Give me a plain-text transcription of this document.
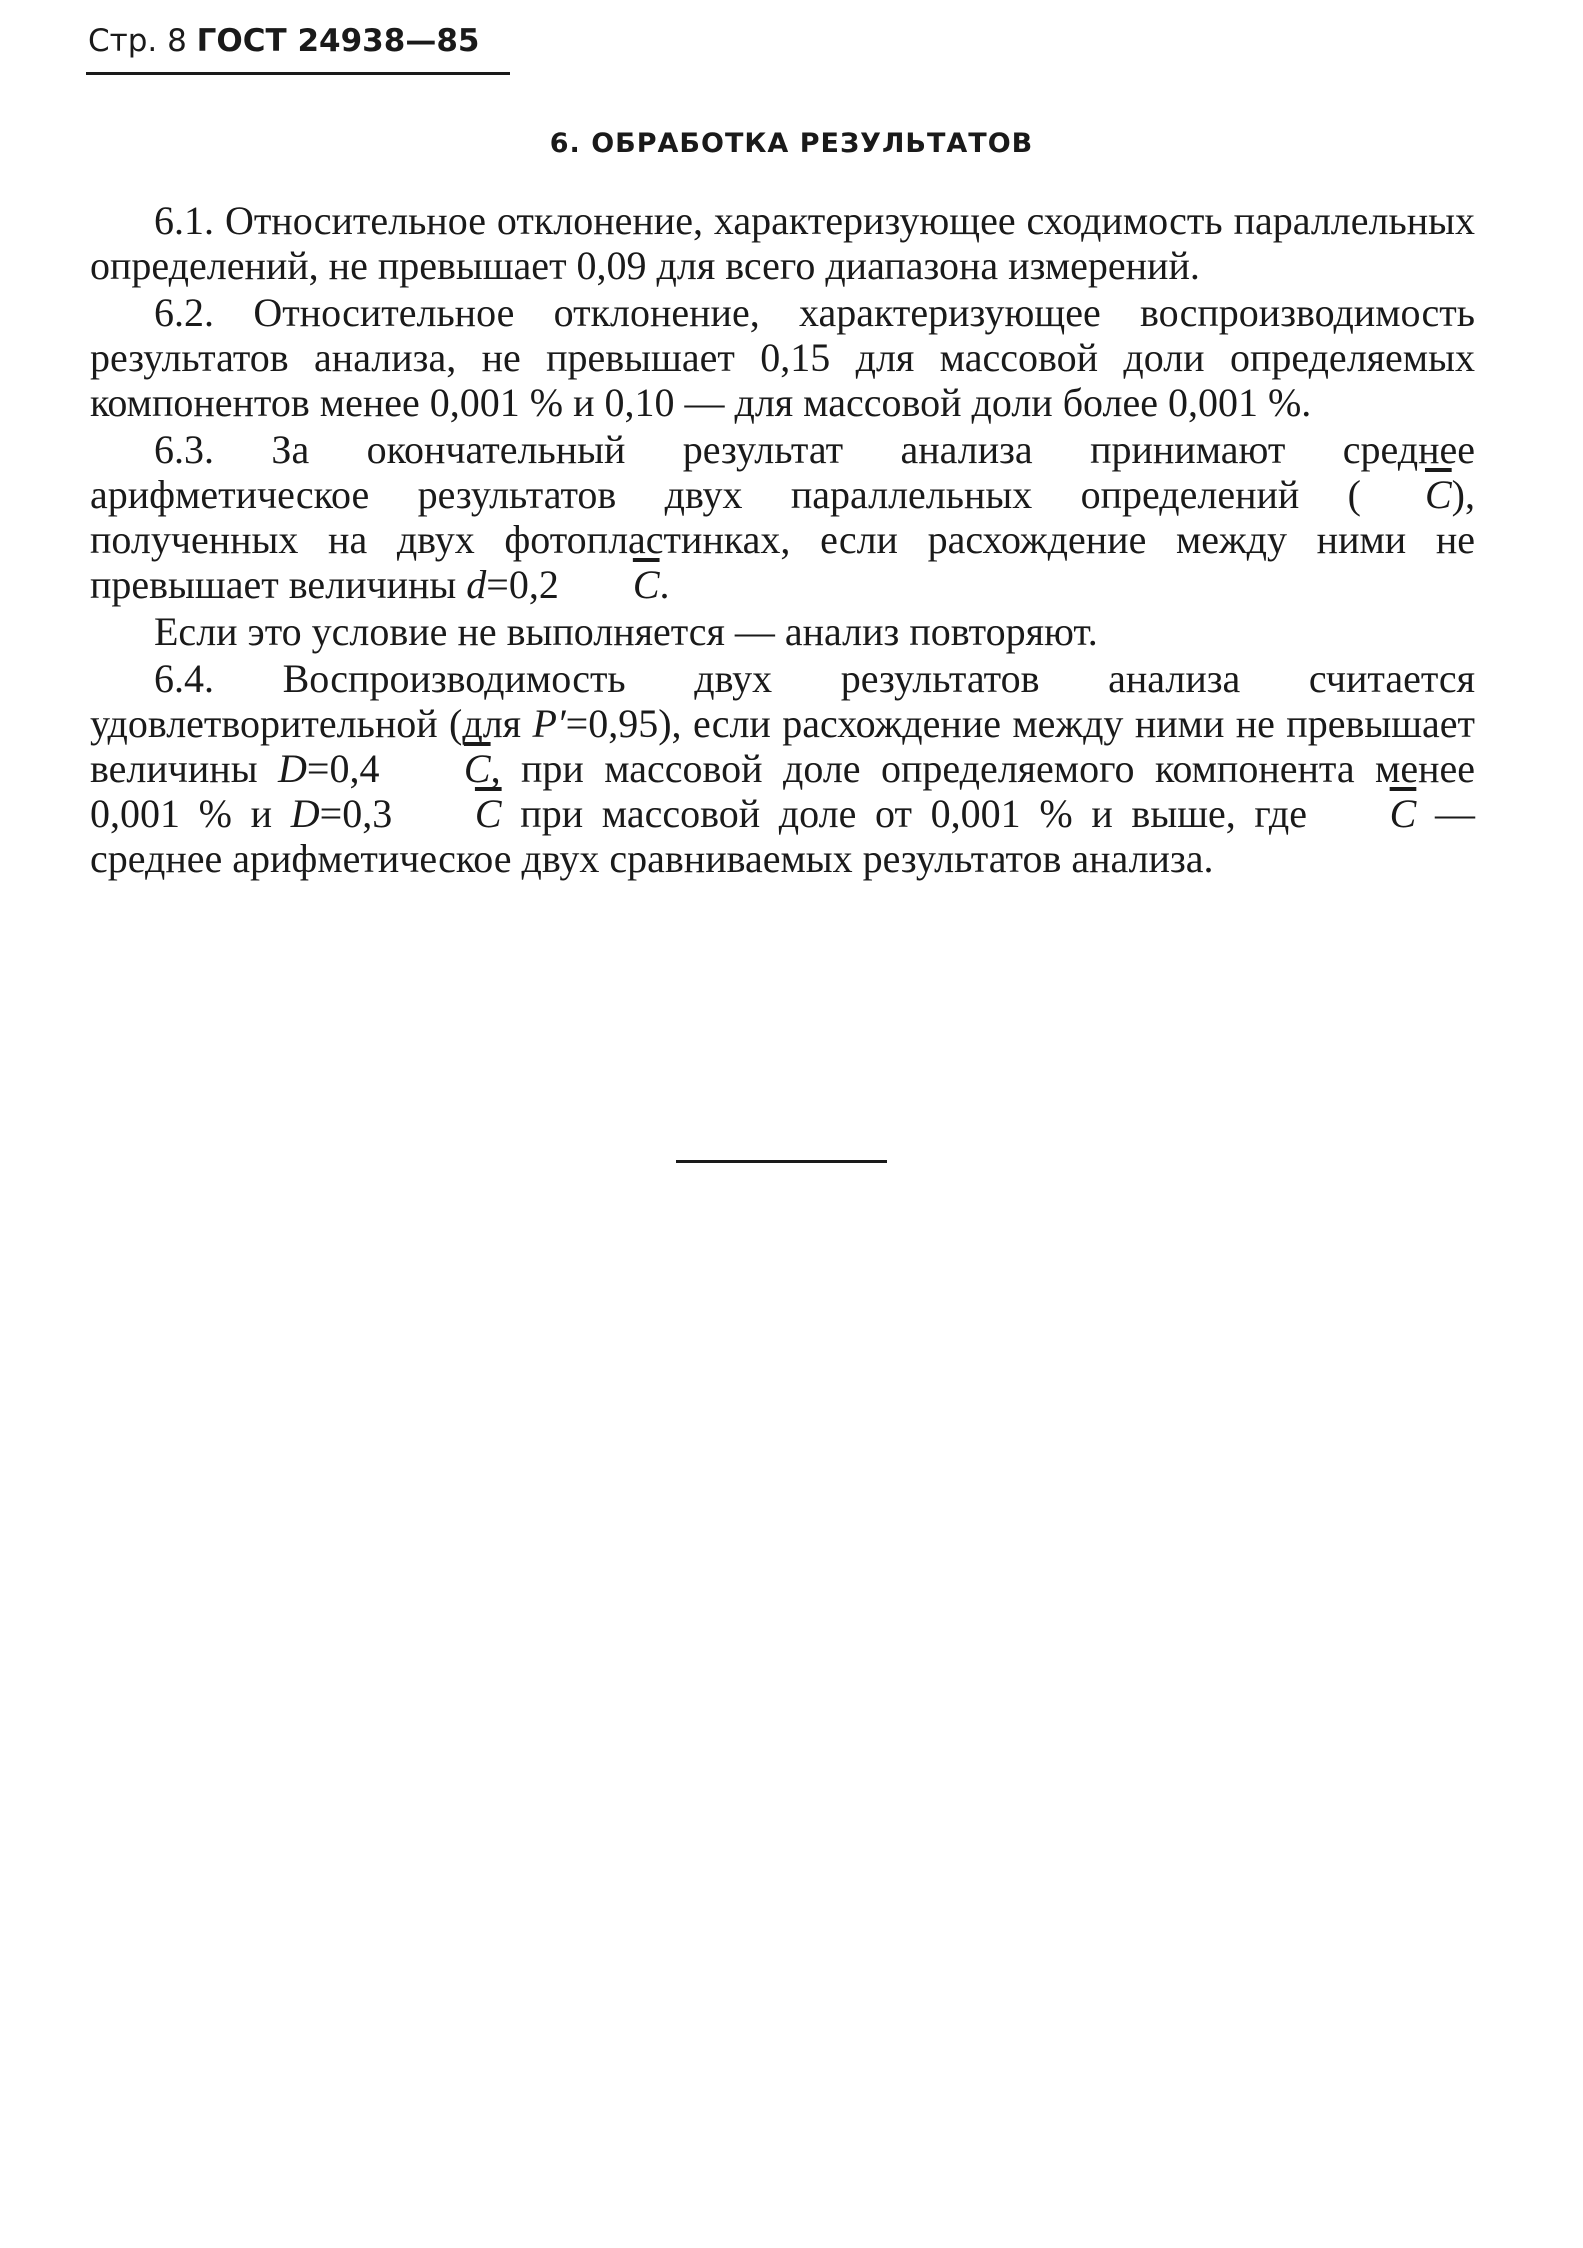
Стр. 8 ГОСТ 24938—85
6. ОБРАБОТКА РЕЗУЛЬТАТОВ

6.1. Относительное отклонение, характеризующее сходимость параллельных определений, не превышает 0,09 для всего диапазона измерений.

6.2. Относительное отклонение, характеризующее воспроизводимость результатов анализа, не превышает 0,15 для массовой доли определяемых компонентов менее 0,001 % и 0,10 — для массовой доли более 0,001 %.

6.3. За окончательный результат анализа принимают среднее арифметическое результатов двух параллельных определений ( $\overline{C}$), полученных на двух фотопластинках, если расхождение между ними не превышает величины d=0,2 $\overline{C}$.

Если это условие не выполняется — анализ повторяют.

6.4. Воспроизводимость двух результатов анализа считается удовлетворительной (для P′=0,95), если расхождение между ними не превышает величины D=0,4 $\overline{C}$, при массовой доле определяемого компонента менее 0,001 % и D=0,3 $\overline{C}$ при массовой доле от 0,001 % и выше, где $\overline{C}$ — среднее арифметическое двух сравниваемых результатов анализа.
